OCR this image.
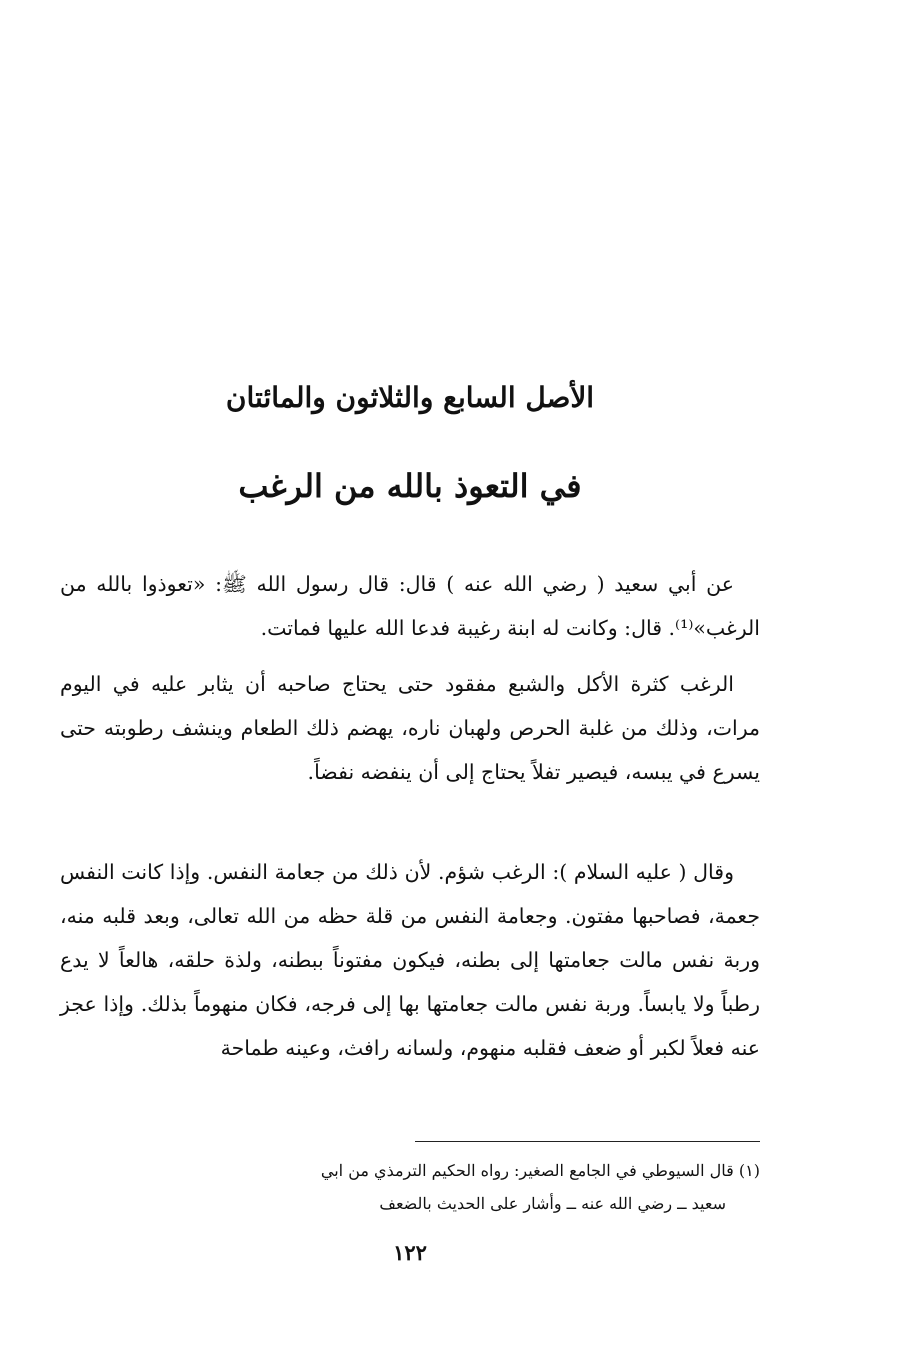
الأصل السابع والثلاثون والمائتان
في التعوذ بالله من الرغب

عن أبي سعيد ( رضي الله عنه ) قال: قال رسول الله ﷺ: «تعوذوا بالله من الرغب»⁽¹⁾. قال: وكانت له ابنة رغيبة فدعا الله عليها فماتت.

الرغب كثرة الأكل والشبع مفقود حتى يحتاج صاحبه أن يثابر عليه في اليوم مرات، وذلك من غلبة الحرص ولهبان ناره، يهضم ذلك الطعام وينشف رطوبته حتى يسرع في يبسه، فيصير تفلاً يحتاج إلى أن ينفضه نفضاً.

وقال ( عليه السلام ): الرغب شؤم. لأن ذلك من جعامة النفس. وإذا كانت النفس جعمة، فصاحبها مفتون. وجعامة النفس من قلة حظه من الله تعالى، وبعد قلبه منه، وربة نفس مالت جعامتها إلى بطنه، فيكون مفتوناً ببطنه، ولذة حلقه، هالعاً لا يدع رطباً ولا يابساً. وربة نفس مالت جعامتها بها إلى فرجه، فكان منهوماً بذلك. وإذا عجز عنه فعلاً لكبر أو ضعف فقلبه منهوم، ولسانه رافث، وعينه طماحة

(١) قال السيوطي في الجامع الصغير: رواه الحكيم الترمذي من ابي
سعيد ــ رضي الله عنه ــ وأشار على الحديث بالضعف
١٢٢
